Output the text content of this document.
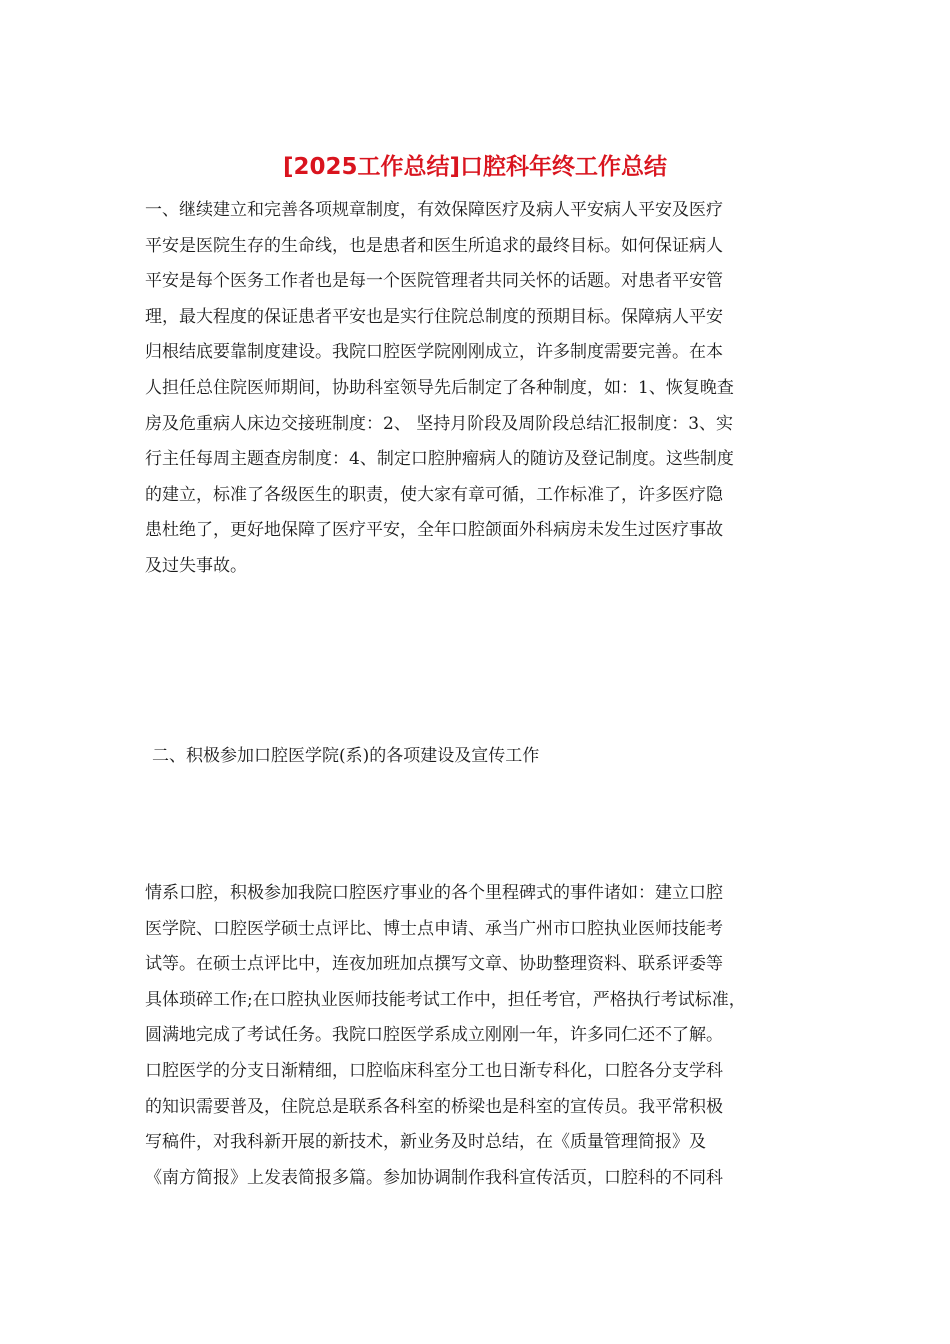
[2025工作总结]口腔科年终工作总结
一、继续建立和完善各项规章制度，有效保障医疗及病人平安病人平安及医疗
平安是医院生存的生命线，也是患者和医生所追求的最终目标。如何保证病人
平安是每个医务工作者也是每一个医院管理者共同关怀的话题。对患者平安管
理，最大程度的保证患者平安也是实行住院总制度的预期目标。保障病人平安
归根结底要靠制度建设。我院口腔医学院刚刚成立，许多制度需要完善。在本
人担任总住院医师期间，协助科室领导先后制定了各种制度，如：1、恢复晚查
房及危重病人床边交接班制度：2、 坚持月阶段及周阶段总结汇报制度：3、实
行主任每周主题查房制度：4、制定口腔肿瘤病人的随访及登记制度。这些制度
的建立，标准了各级医生的职责，使大家有章可循，工作标准了，许多医疗隐
患杜绝了，更好地保障了医疗平安，全年口腔颌面外科病房未发生过医疗事故
及过失事故。
二、积极参加口腔医学院(系)的各项建设及宣传工作
情系口腔，积极参加我院口腔医疗事业的各个里程碑式的事件诸如：建立口腔
医学院、口腔医学硕士点评比、博士点申请、承当广州市口腔执业医师技能考
试等。在硕士点评比中，连夜加班加点撰写文章、协助整理资料、联系评委等
具体琐碎工作;在口腔执业医师技能考试工作中，担任考官，严格执行考试标准，
圆满地完成了考试任务。我院口腔医学系成立刚刚一年，许多同仁还不了解。
口腔医学的分支日渐精细，口腔临床科室分工也日渐专科化，口腔各分支学科
的知识需要普及，住院总是联系各科室的桥梁也是科室的宣传员。我平常积极
写稿件，对我科新开展的新技术，新业务及时总结，在《质量管理简报》及
《南方简报》上发表简报多篇。参加协调制作我科宣传活页，口腔科的不同科
